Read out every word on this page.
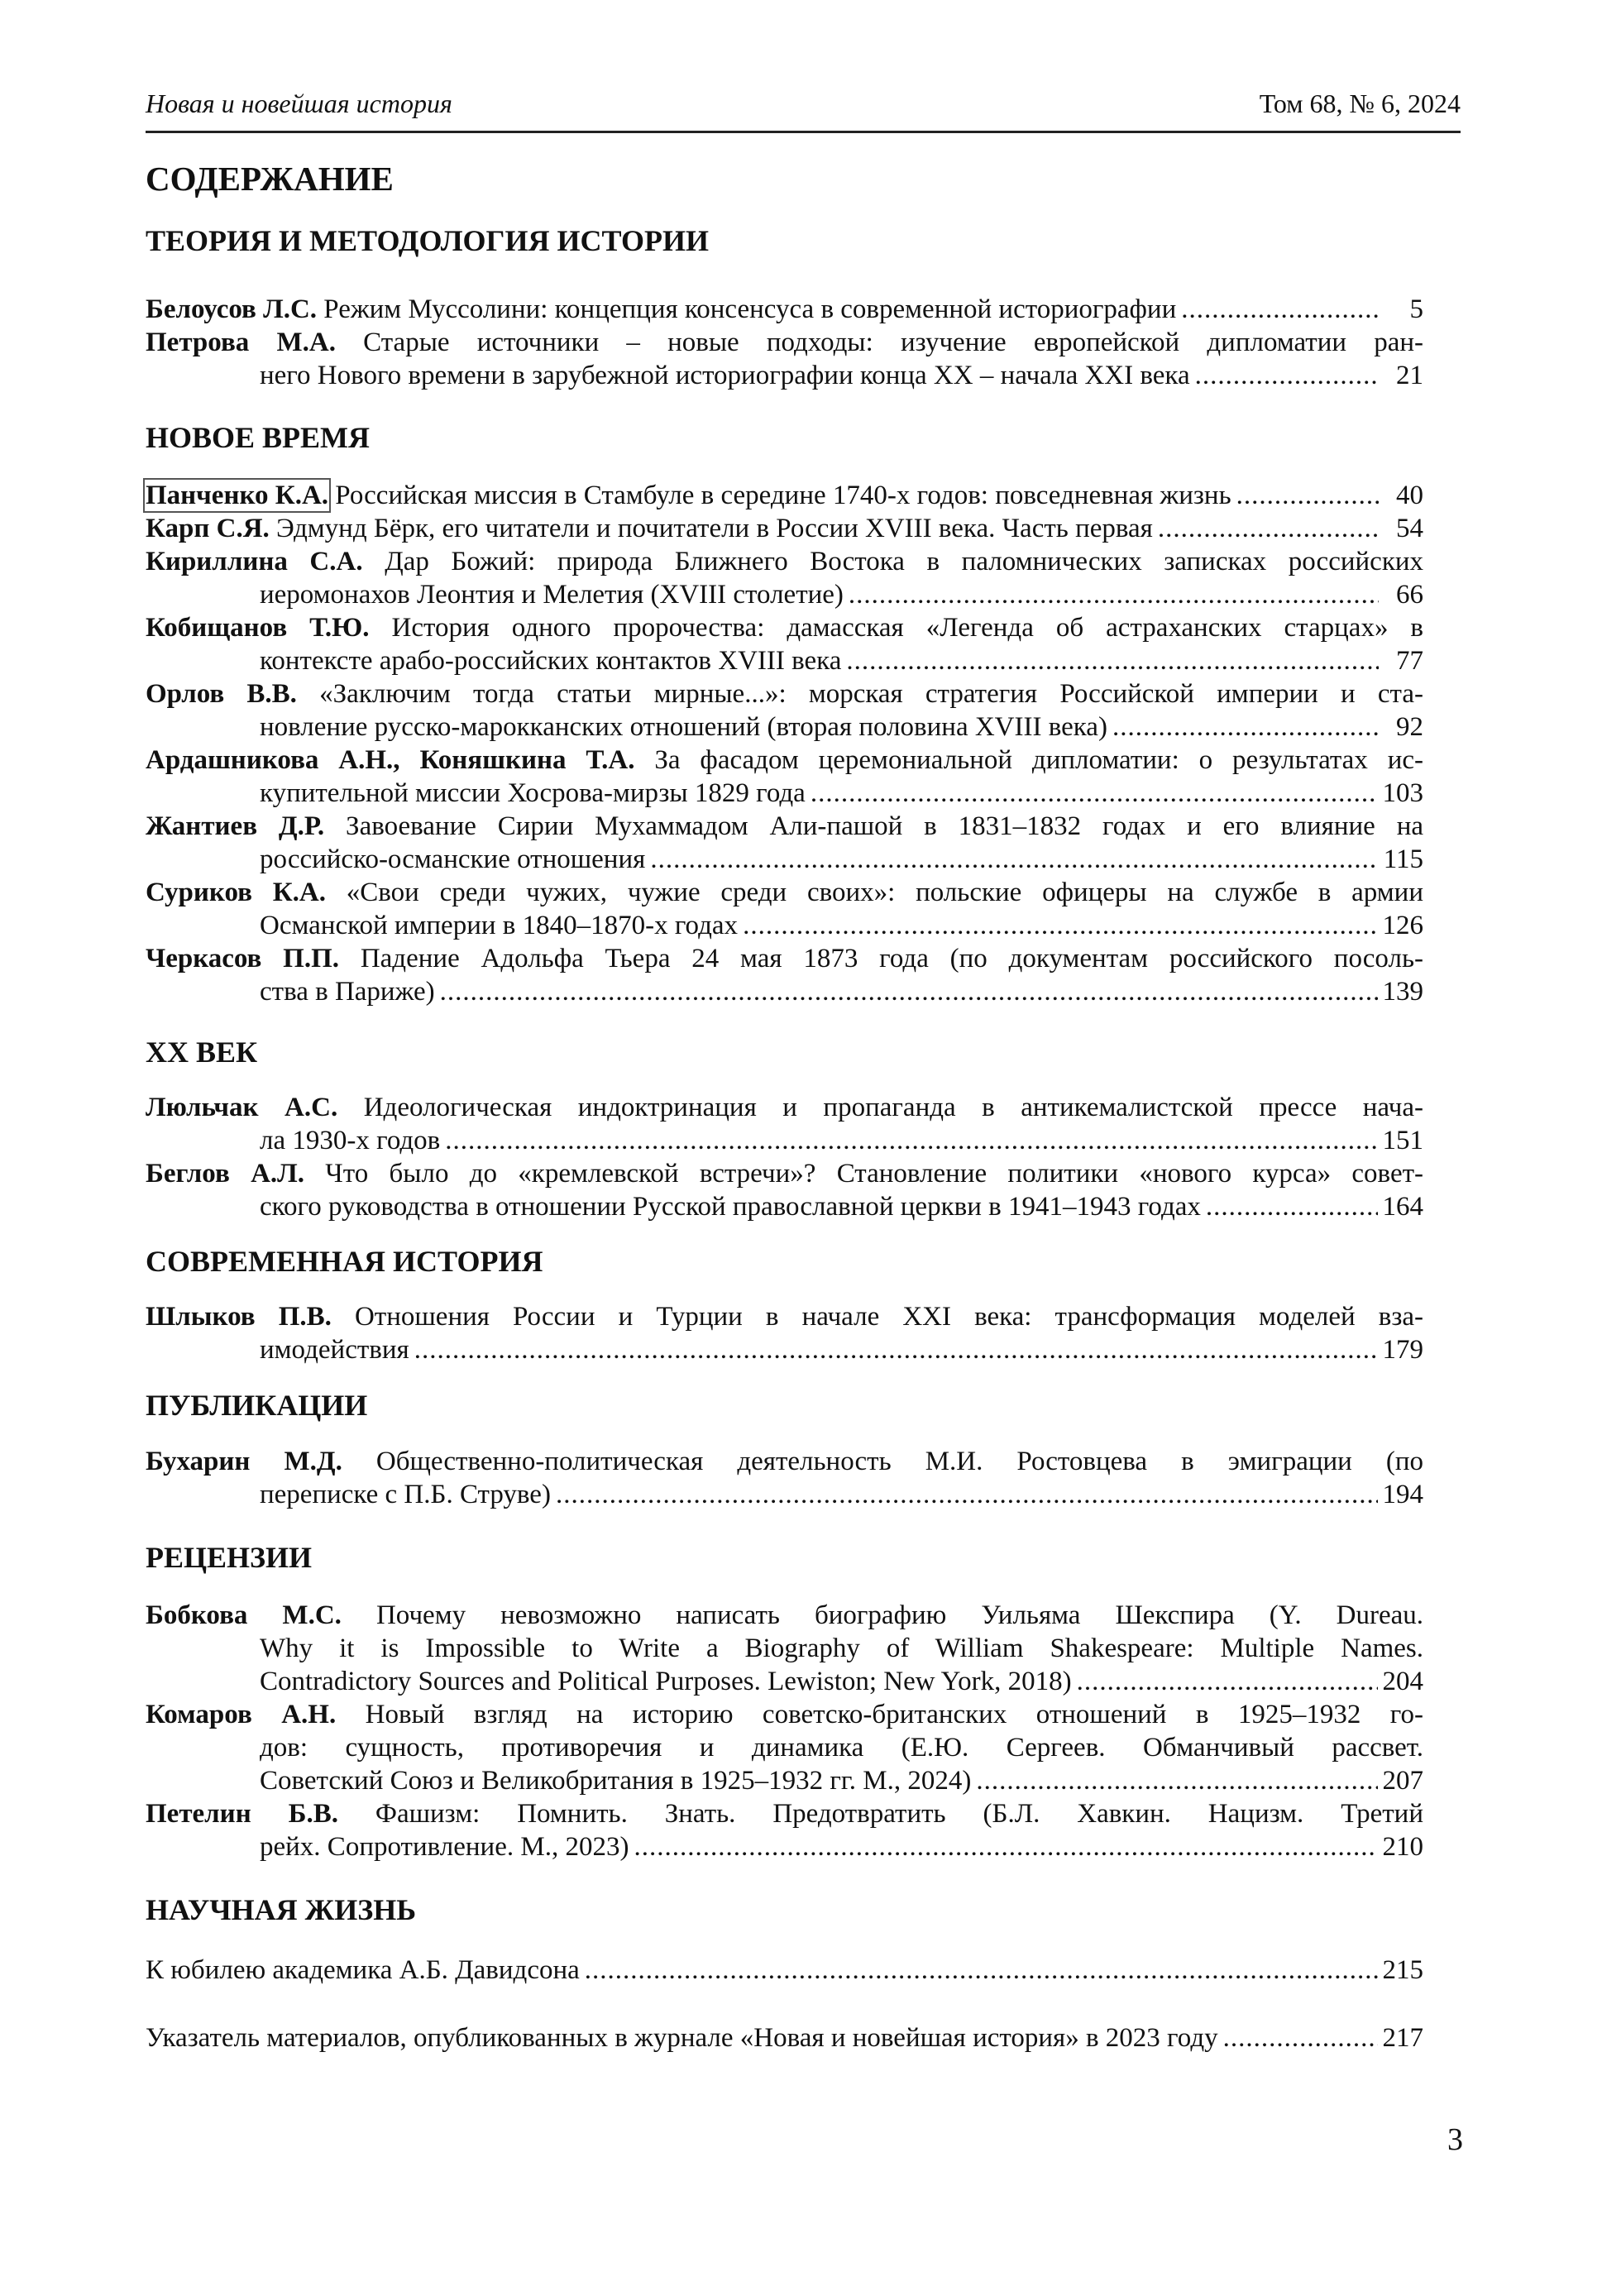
Новая и новейшая история	Том 68, № 6, 2024
СОДЕРЖАНИЕ
ТЕОРИЯ И МЕТОДОЛОГИЯ ИСТОРИИ
Белоусов Л.С. Режим Муссолини: концепция консенсуса в современной историографии .....	5
Петрова М.А. Старые источники – новые подходы: изучение европейской дипломатии ран-
него Нового времени в зарубежной историографии конца XX – начала XXI века .....	21
НОВОЕ ВРЕМЯ
Панченко К.А. Российская миссия в Стамбуле в середине 1740-х годов: повседневная жизнь .....	40
Карп С.Я. Эдмунд Бёрк, его читатели и почитатели в России XVIII века. Часть первая .....	54
Кириллина С.А. Дар Божий: природа Ближнего Востока в паломнических записках российских
иеромонахов Леонтия и Мелетия (XVIII столетие) .....	66
Кобищанов Т.Ю. История одного пророчества: дамасская «Легенда об астраханских старцах» в
контексте арабо-российских контактов XVIII века .....	77
Орлов В.В. «Заключим тогда статьи мирные...»: морская стратегия Российской империи и ста-
новление русско-марокканских отношений (вторая половина XVIII века) .....	92
Ардашникова А.Н., Коняшкина Т.А. За фасадом церемониальной дипломатии: о результатах ис-
купительной миссии Хосрова-мирзы 1829 года .....	103
Жантиев Д.Р. Завоевание Сирии Мухаммадом Али-пашой в 1831–1832 годах и его влияние на
российско-османские отношения .....	115
Суриков К.А. «Свои среди чужих, чужие среди своих»: польские офицеры на службе в армии
Османской империи в 1840–1870-х годах .....	126
Черкасов П.П. Падение Адольфа Тьера 24 мая 1873 года (по документам российского посоль-
ства в Париже) .....	139
XX ВЕК
Люльчак А.С. Идеологическая индоктринация и пропаганда в антикемалистской прессе нача-
ла 1930-х годов .....	151
Беглов А.Л. Что было до «кремлевской встречи»? Становление политики «нового курса» совет-
ского руководства в отношении Русской православной церкви в 1941–1943 годах .....	164
СОВРЕМЕННАЯ ИСТОРИЯ
Шлыков П.В. Отношения России и Турции в начале XXI века: трансформация моделей вза-
имодействия .....	179
ПУБЛИКАЦИИ
Бухарин М.Д. Общественно-политическая деятельность М.И. Ростовцева в эмиграции (по
переписке с П.Б. Струве) .....	194
РЕЦЕНЗИИ
Бобкова М.С. Почему невозможно написать биографию Уильяма Шекспира (Y. Dureau.
Why it is Impossible to Write a Biography of William Shakespeare: Multiple Names.
Contradictory Sources and Political Purposes. Lewiston; New York, 2018) .....	204
Комаров А.Н. Новый взгляд на историю советско-британских отношений в 1925–1932 го-
дов: сущность, противоречия и динамика (Е.Ю. Сергеев. Обманчивый рассвет.
Советский Союз и Великобритания в 1925–1932 гг. М., 2024) .....	207
Петелин Б.В. Фашизм: Помнить. Знать. Предотвратить (Б.Л. Хавкин. Нацизм. Третий
рейх. Сопротивление. М., 2023) .....	210
НАУЧНАЯ ЖИЗНЬ
К юбилею академика А.Б. Давидсона .....	215
Указатель материалов, опубликованных в журнале «Новая и новейшая история» в 2023 году .....	217
3
